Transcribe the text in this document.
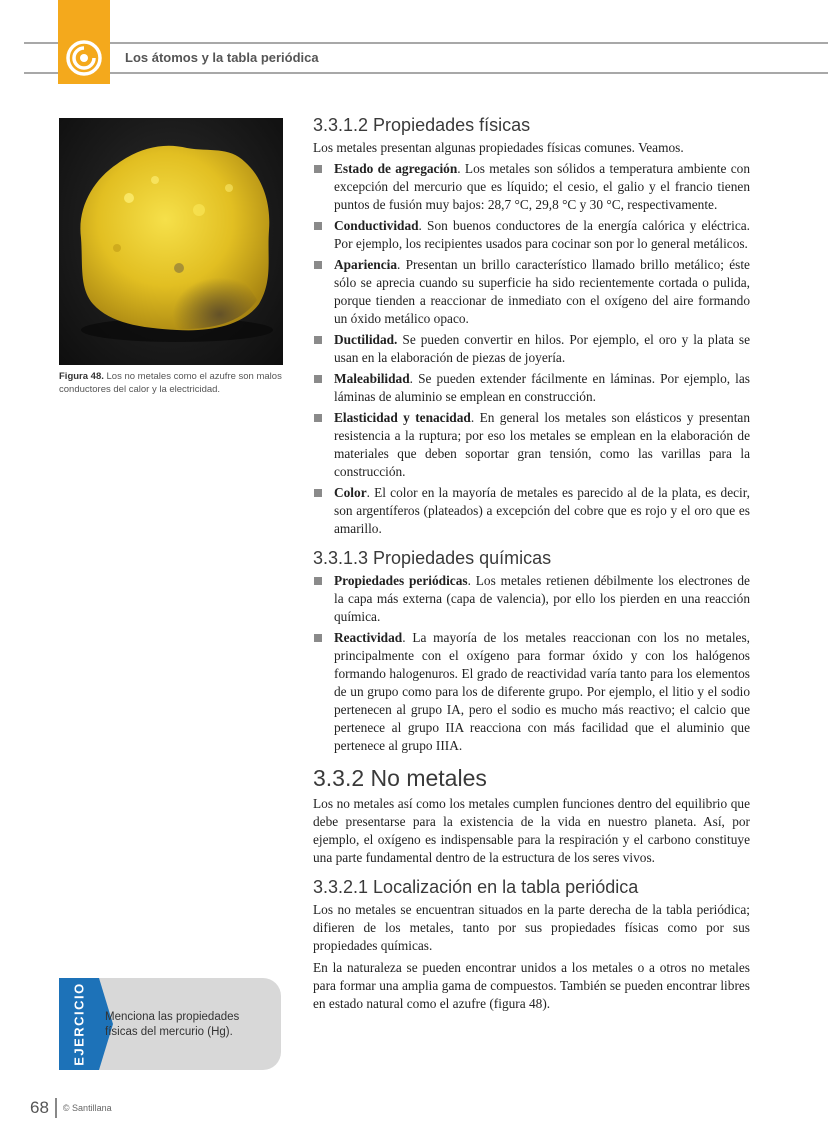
Los átomos y la tabla periódica
Figura 48. Los no metales como el azufre son malos conductores del calor y la electricidad.
EJERCICIO Menciona las propiedades físicas del mercurio (Hg).
68	© Santillana
3.3.1.2 Propiedades físicas

Los metales presentan algunas propiedades físicas comunes. Veamos.

Estado de agregación. Los metales son sólidos a temperatura ambiente con excepción del mercurio que es líquido; el cesio, el galio y el francio tienen puntos de fusión muy bajos: 28,7 °C, 29,8 °C y 30 °C, respectivamente.
Conductividad. Son buenos conductores de la energía calórica y eléctrica. Por ejemplo, los recipientes usados para cocinar son por lo general metálicos.
Apariencia. Presentan un brillo característico llamado brillo metálico; éste sólo se aprecia cuando su superficie ha sido recientemente cortada o pulida, porque tienden a reaccionar de inmediato con el oxígeno del aire formando un óxido metálico opaco.
Ductilidad. Se pueden convertir en hilos. Por ejemplo, el oro y la plata se usan en la elaboración de piezas de joyería.
Maleabilidad. Se pueden extender fácilmente en láminas. Por ejemplo, las láminas de aluminio se emplean en construcción.
Elasticidad y tenacidad. En general los metales son elásticos y presentan resistencia a la ruptura; por eso los metales se emplean en la elaboración de materiales que deben soportar gran tensión, como las varillas para la construcción.
Color. El color en la mayoría de metales es parecido al de la plata, es decir, son argentíferos (plateados) a excepción del cobre que es rojo y el oro que es amarillo.
3.3.1.3 Propiedades químicas
Propiedades periódicas. Los metales retienen débilmente los electrones de la capa más externa (capa de valencia), por ello los pierden en una reacción química.
Reactividad. La mayoría de los metales reaccionan con los no metales, principalmente con el oxígeno para formar óxido y con los halógenos formando halogenuros. El grado de reactividad varía tanto para los elementos de un grupo como para los de diferente grupo. Por ejemplo, el litio y el sodio pertenecen al grupo IA, pero el sodio es mucho más reactivo; el calcio que pertenece al grupo IIA reacciona con más facilidad que el aluminio que pertenece al grupo IIIA.
3.3.2 No metales

Los no metales así como los metales cumplen funciones dentro del equilibrio que debe presentarse para la existencia de la vida en nuestro planeta. Así, por ejemplo, el oxígeno es indispensable para la respiración y el carbono constituye una parte fundamental dentro de la estructura de los seres vivos.

3.3.2.1 Localización en la tabla periódica

Los no metales se encuentran situados en la parte derecha de la tabla periódica; difieren de los metales, tanto por sus propiedades físicas como por sus propiedades químicas.

En la naturaleza se pueden encontrar unidos a los metales o a otros no metales para formar una amplia gama de compuestos. También se pueden encontrar libres en estado natural como el azufre (figura 48).
